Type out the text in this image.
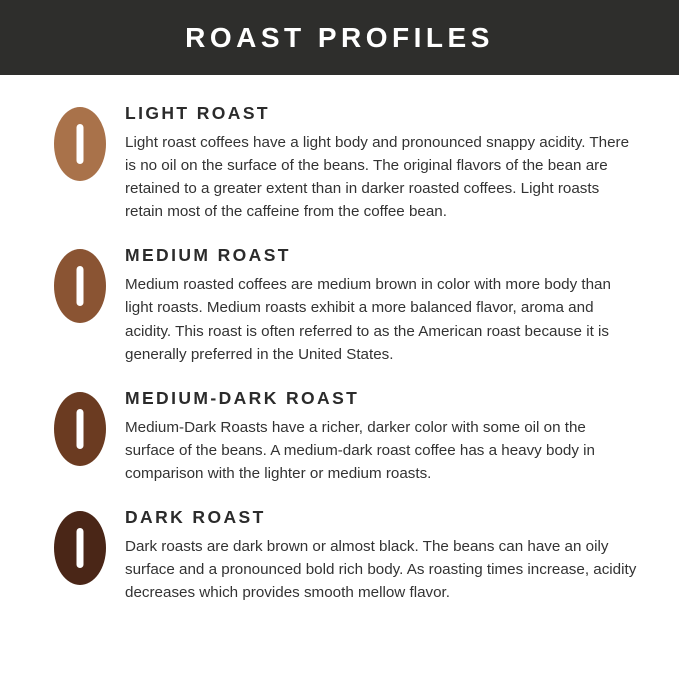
ROAST PROFILES
LIGHT ROAST

Light roast coffees have a light body and pronounced snappy acidity. There is no oil on the surface of the beans. The original flavors of the bean are retained to a greater extent than in darker roasted coffees. Light roasts retain most of the caffeine from the coffee bean.

MEDIUM ROAST

Medium roasted coffees are medium brown in color with more body than light roasts. Medium roasts exhibit a more balanced flavor, aroma and acidity. This roast is often referred to as the American roast because it is generally preferred in the United States.

MEDIUM-DARK ROAST

Medium-Dark Roasts have a richer, darker color with some oil on the surface of the beans. A medium-dark roast coffee has a heavy body in comparison with the lighter or medium roasts.

DARK ROAST

Dark roasts are dark brown or almost black. The beans can have an oily surface and a pronounced bold rich body. As roasting times increase, acidity decreases which provides smooth mellow flavor.
